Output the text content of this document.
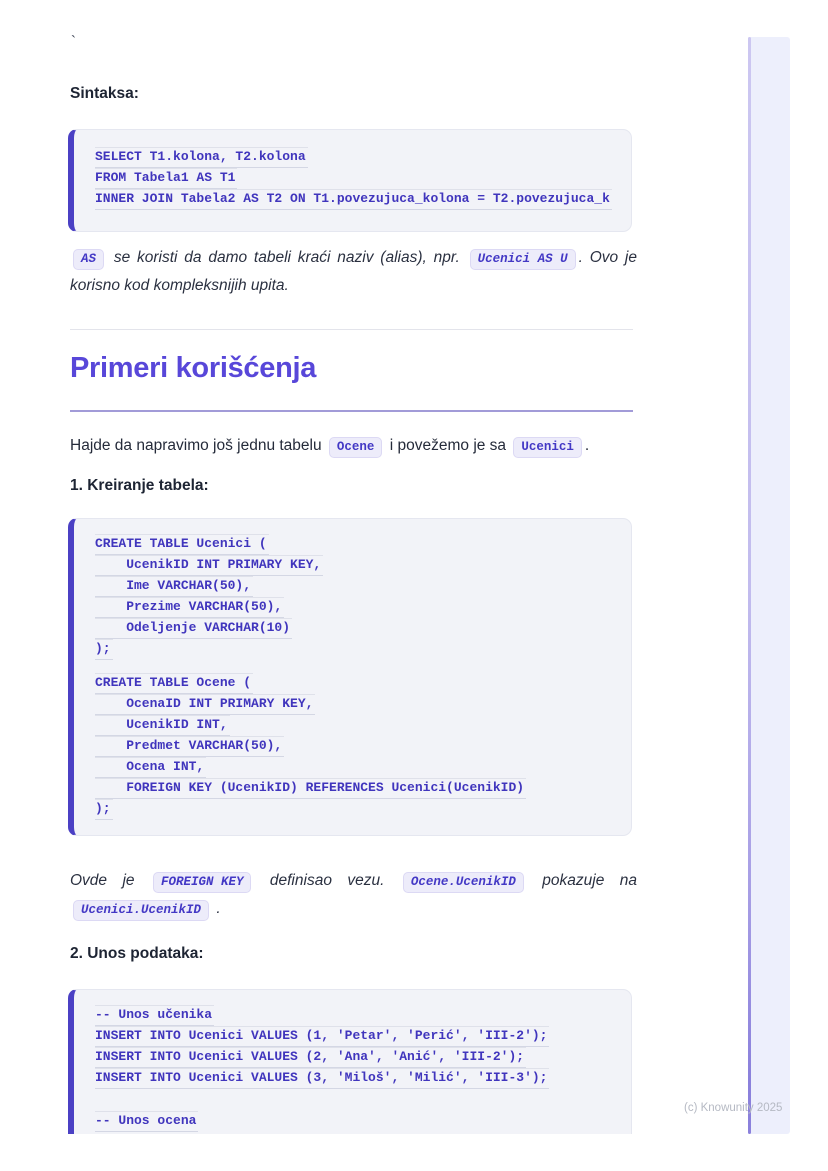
`
Sintaksa:
SELECT T1.kolona, T2.kolona
FROM Tabela1 AS T1
INNER JOIN Tabela2 AS T2 ON T1.povezujuca_kolona = T2.povezujuca_k

AS se koristi da damo tabeli kraći naziv (alias), npr. Ucenici AS U . Ovo je korisno kod kompleksnijih upita.

Primeri korišćenja

Hajde da napravimo još jednu tabelu Ocene i povežemo je sa Ucenici .

1. Kreiranje tabela:
CREATE TABLE Ucenici (
UcenikID INT PRIMARY KEY,
Ime VARCHAR(50),
Prezime VARCHAR(50),
Odeljenje VARCHAR(10)
);
CREATE TABLE Ocene (
OcenaID INT PRIMARY KEY,
UcenikID INT,
Predmet VARCHAR(50),
Ocena INT,
FOREIGN KEY (UcenikID) REFERENCES Ucenici(UcenikID)
);

Ovde je FOREIGN KEY definisao vezu. Ocene.UcenikID pokazuje na Ucenici.UcenikID .

2. Unos podataka:
-- Unos učenika
INSERT INTO Ucenici VALUES (1, 'Petar', 'Perić', 'III-2');
INSERT INTO Ucenici VALUES (2, 'Ana', 'Anić', 'III-2');
INSERT INTO Ucenici VALUES (3, 'Miloš', 'Milić', 'III-3');
-- Unos ocena
(c) Knowunity 2025
